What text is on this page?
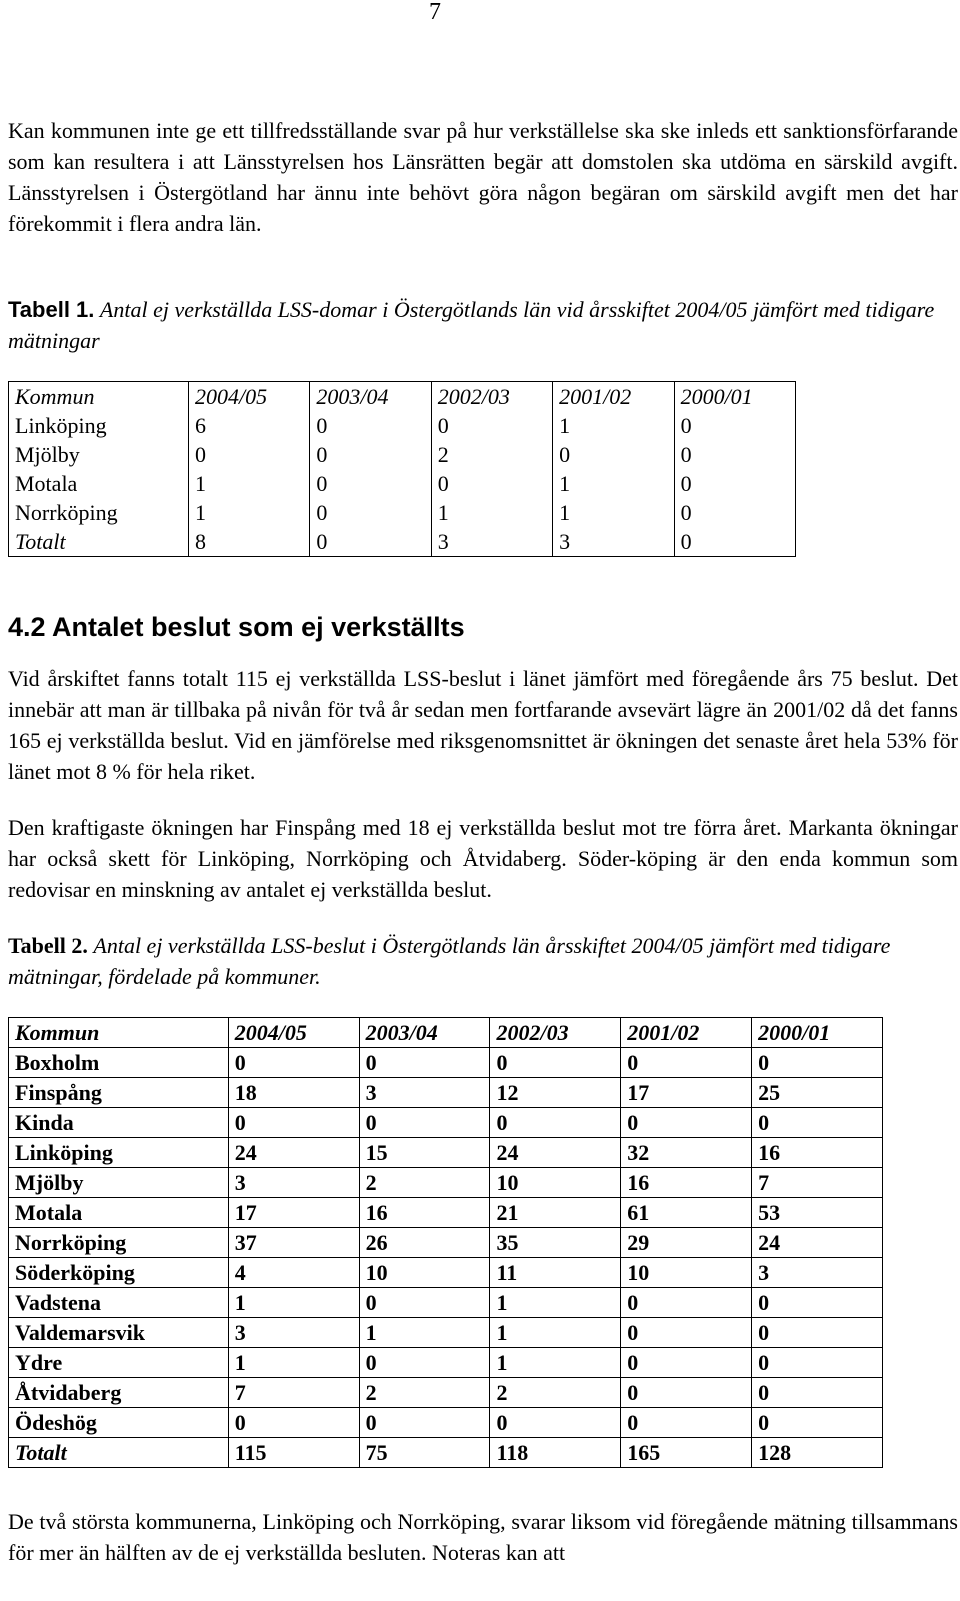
7

Kan kommunen inte ge ett tillfredsställande svar på hur verkställelse ska ske inleds ett sanktionsförfarande som kan resultera i att Länsstyrelsen hos Länsrätten begär att domstolen ska utdöma en särskild avgift. Länsstyrelsen i Östergötland har ännu inte behövt göra någon begäran om särskild avgift men det har förekommit i flera andra län.

Tabell 1. Antal ej verkställda LSS-domar i Östergötlands län vid årsskiftet 2004/05 jämfört med tidigare mätningar

Kommun	2004/05	2003/04	2002/03	2001/02	2000/01
Linköping	6	0	0	1	0
Mjölby	0	0	2	0	0
Motala	1	0	0	1	0
Norrköping	1	0	1	1	0
Totalt	8	0	3	3	0
4.2 Antalet beslut som ej verkställts

Vid årskiftet fanns totalt 115 ej verkställda LSS-beslut i länet jämfört med föregående års 75 beslut. Det innebär att man är tillbaka på nivån för två år sedan men fortfarande avsevärt lägre än 2001/02 då det fanns 165 ej verkställda beslut. Vid en jämförelse med riksgenomsnittet är ökningen det senaste året hela 53% för länet mot 8 % för hela riket.

Den kraftigaste ökningen har Finspång med 18 ej verkställda beslut mot tre förra året. Markanta ökningar har också skett för Linköping, Norrköping och Åtvidaberg. Söder-köping är den enda kommun som redovisar en minskning av antalet ej verkställda beslut.

Tabell 2. Antal ej verkställda LSS-beslut i Östergötlands län årsskiftet 2004/05 jämfört med tidigare mätningar, fördelade på kommuner.

Kommun	2004/05	2003/04	2002/03	2001/02	2000/01
Boxholm	0	0	0	0	0
Finspång	18	3	12	17	25
Kinda	0	0	0	0	0
Linköping	24	15	24	32	16
Mjölby	3	2	10	16	7
Motala	17	16	21	61	53
Norrköping	37	26	35	29	24
Söderköping	4	10	11	10	3
Vadstena	1	0	1	0	0
Valdemarsvik	3	1	1	0	0
Ydre	1	0	1	0	0
Åtvidaberg	7	2	2	0	0
Ödeshög	0	0	0	0	0
Totalt	115	75	118	165	128

De två största kommunerna, Linköping och Norrköping, svarar liksom vid föregående mätning tillsammans för mer än hälften av de ej verkställda besluten. Noteras kan att
